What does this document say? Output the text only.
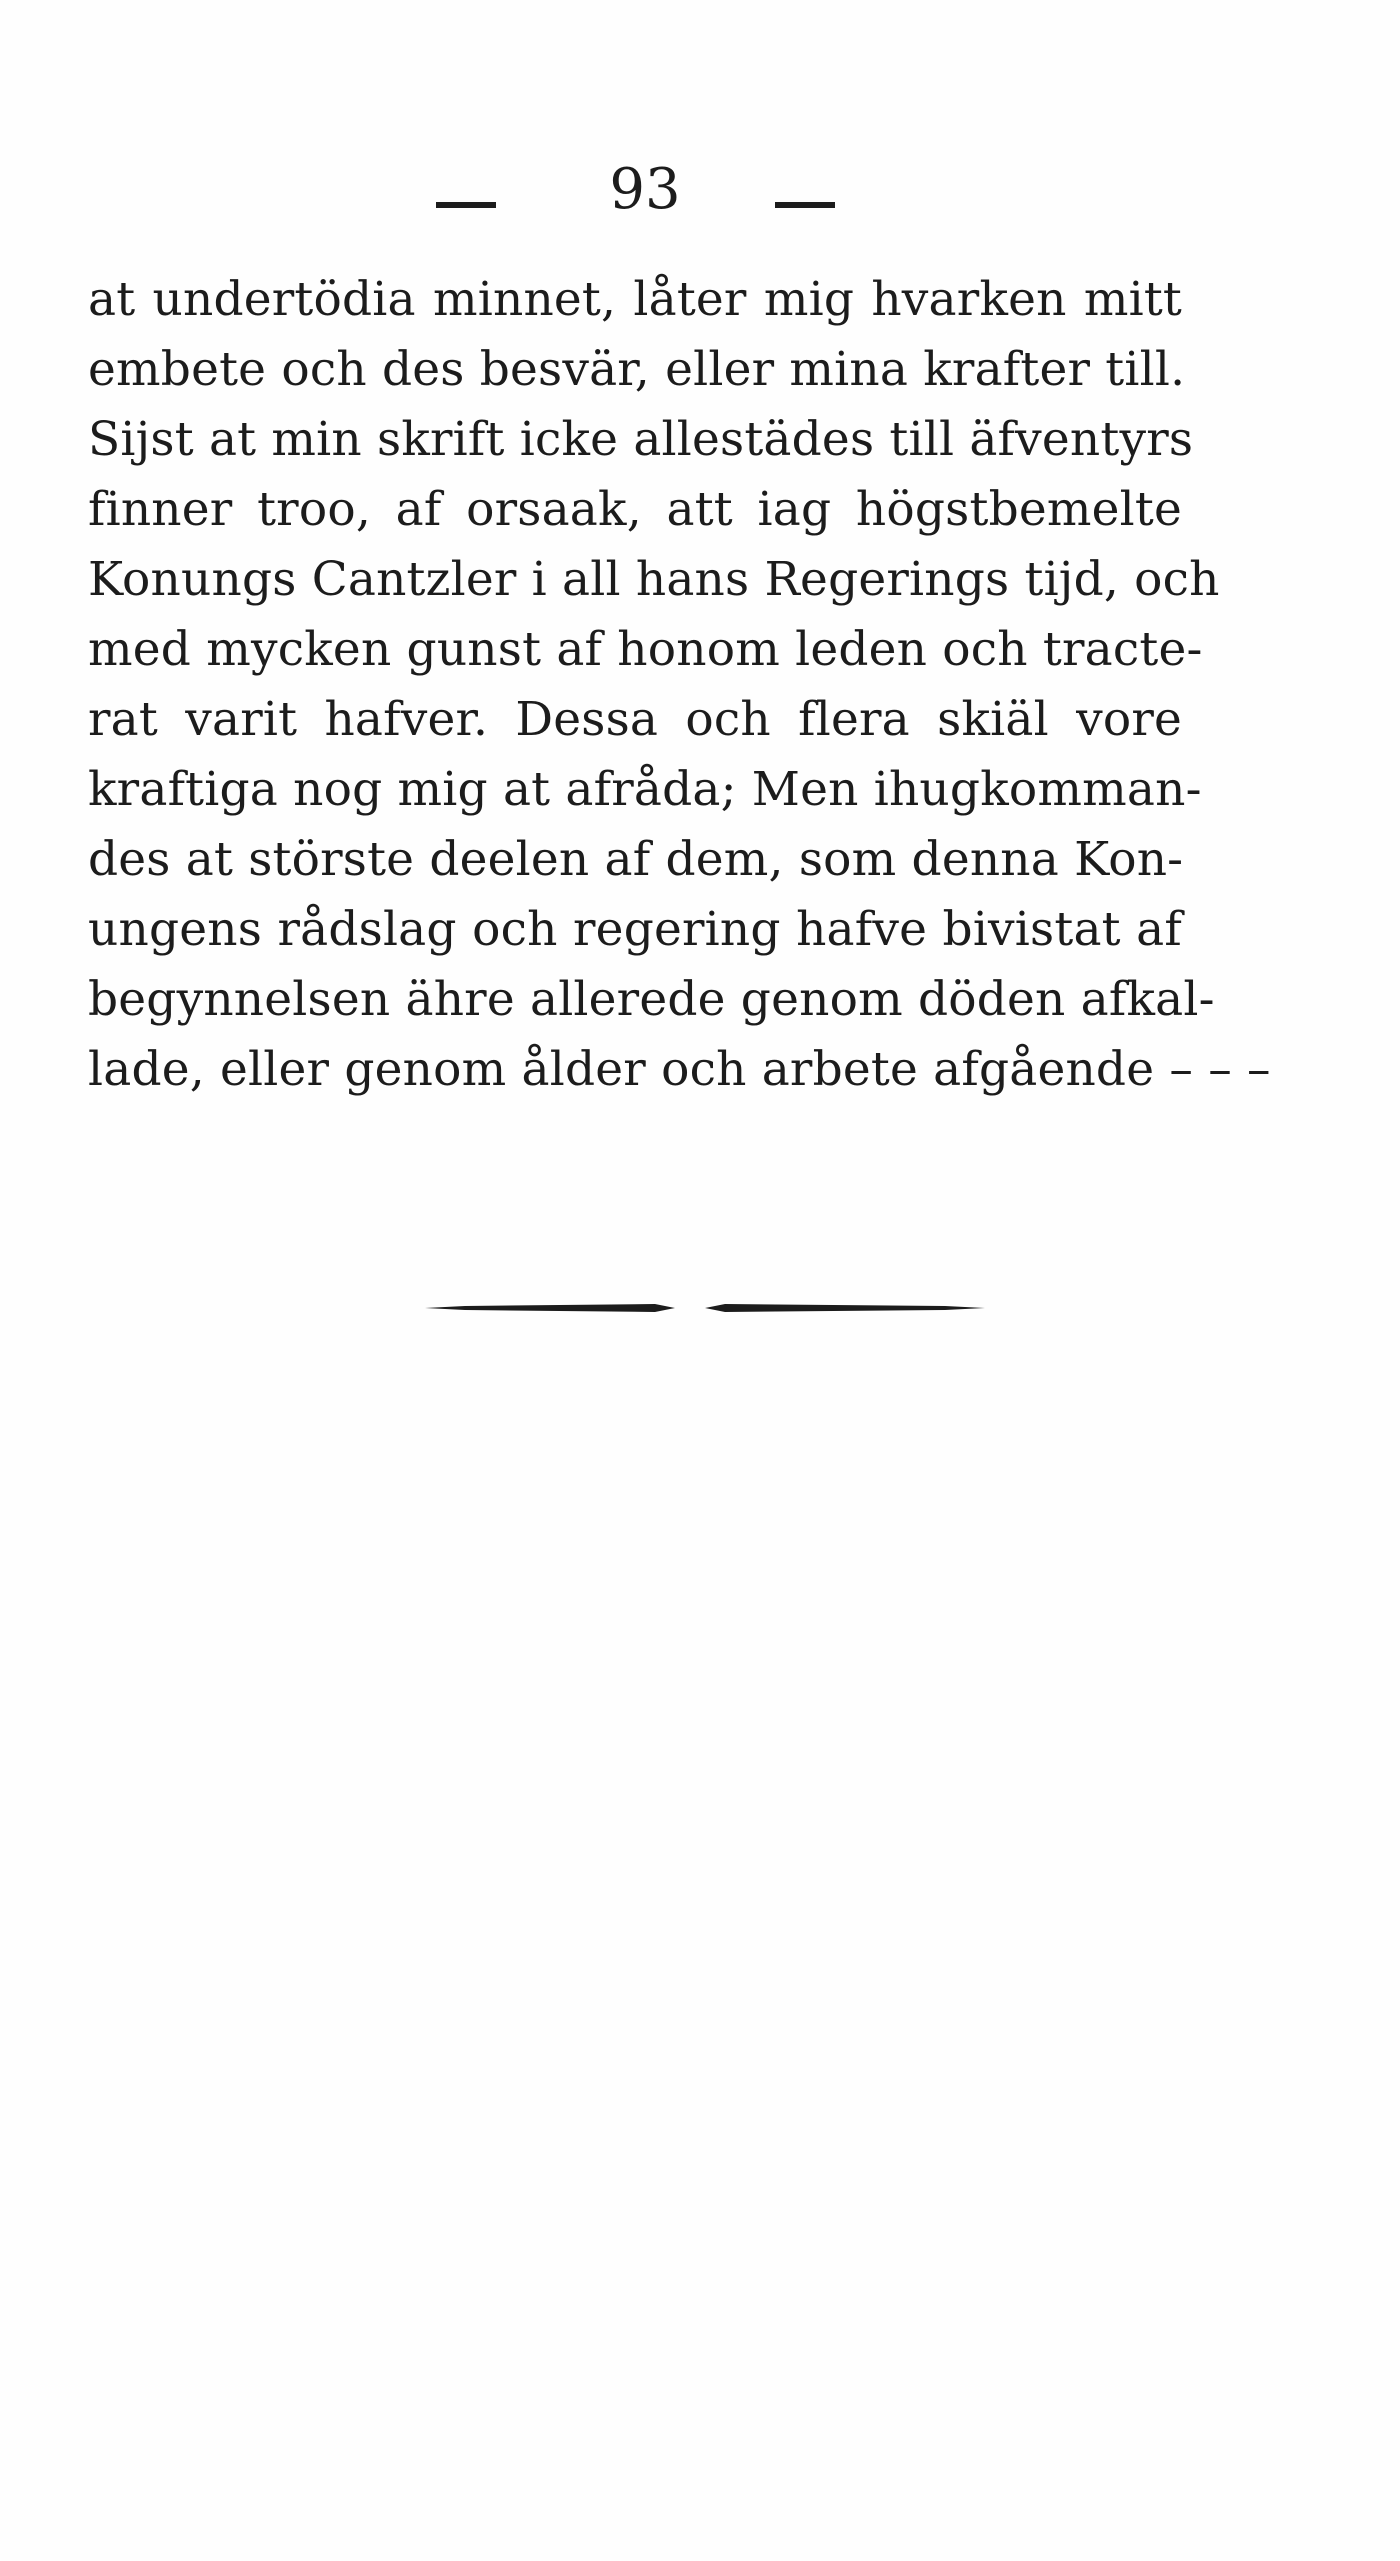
93
at undertödia minnet, låter mig hvarken mitt
embete och des besvär, eller mina krafter till.
Sijst at min skrift icke allestädes till äfventyrs
finner troo, af orsaak, att iag högstbemelte
Konungs Cantzler i all hans Regerings tijd, och
med mycken gunst af honom leden och tracte-
rat varit hafver. Dessa och flera skiäl vore
kraftiga nog mig at afråda; Men ihugkomman-
des at störste deelen af dem, som denna Kon-
ungens rådslag och regering hafve bivistat af
begynnelsen ähre allerede genom döden afkal-
lade, eller genom ålder och arbete afgående – – –
